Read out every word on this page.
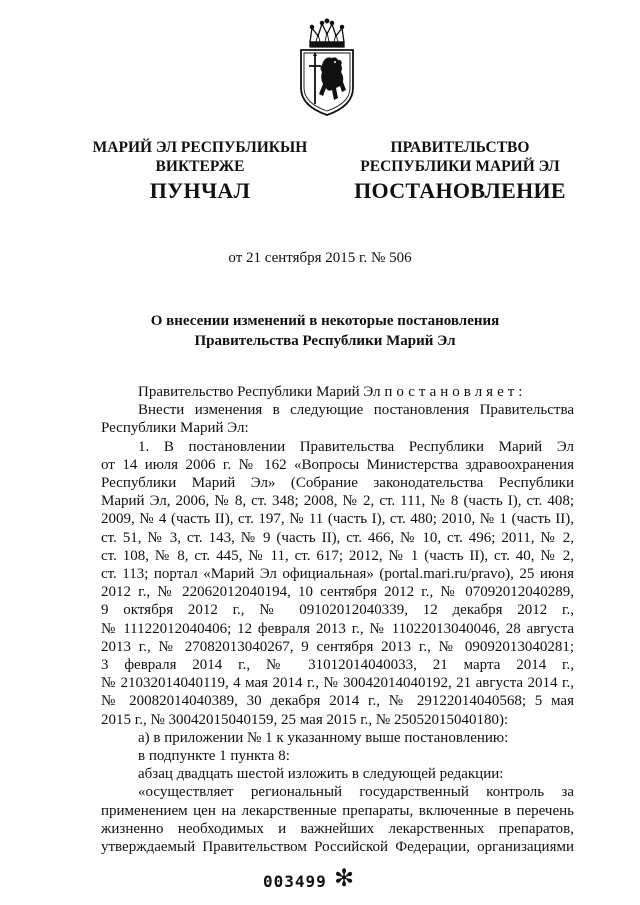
МАРИЙ ЭЛ РЕСПУБЛИКЫН
ВИКТЕРЖЕ
ПРАВИТЕЛЬСТВО
РЕСПУБЛИКИ МАРИЙ ЭЛ
ПУНЧАЛ	ПОСТАНОВЛЕНИЕ
от 21 сентября 2015 г. № 506
О внесении изменений в некоторые постановления
Правительства Республики Марий Эл

Правительство Республики Марий Эл постановляет:

Внести изменения в следующие постановления Правительства Республики Марий Эл:

1. В постановлении Правительства Республики Марий Эл
от 14 июля 2006 г. № 162 «Вопросы Министерства здравоохранения
Республики Марий Эл» (Собрание законодательства Республики
Марий Эл, 2006, № 8, ст. 348; 2008, № 2, ст. 111, № 8 (часть I), ст. 408;
2009, № 4 (часть II), ст. 197, № 11 (часть I), ст. 480; 2010, № 1 (часть II),
ст. 51, № 3, ст. 143, № 9 (часть II), ст. 466, № 10, ст. 496; 2011, № 2,
ст. 108, № 8, ст. 445, № 11, ст. 617; 2012, № 1 (часть II), ст. 40, № 2,
ст. 113; портал «Марий Эл официальная» (portal.mari.ru/pravo), 25 июня
2012 г., № 22062012040194, 10 сентября 2012 г., № 07092012040289,
9 октября 2012 г., № 09102012040339, 12 декабря 2012 г.,
№ 11122012040406; 12 февраля 2013 г., № 11022013040046, 28 августа
2013 г., № 27082013040267, 9 сентября 2013 г., № 09092013040281;
3 февраля 2014 г., № 31012014040033, 21 марта 2014 г.,
№ 21032014040119, 4 мая 2014 г., № 30042014040192, 21 августа 2014 г.,
№ 20082014040389, 30 декабря 2014 г., № 29122014040568; 5 мая
2015 г., № 30042015040159, 25 мая 2015 г., № 25052015040180):

а) в приложении № 1 к указанному выше постановлению:

в подпункте 1 пункта 8:

абзац двадцать шестой изложить в следующей редакции:

«осуществляет региональный государственный контроль за
применением цен на лекарственные препараты, включенные в перечень
жизненно необходимых и важнейших лекарственных препаратов,
утверждаемый Правительством Российской Федерации, организациями
003499 ✻
